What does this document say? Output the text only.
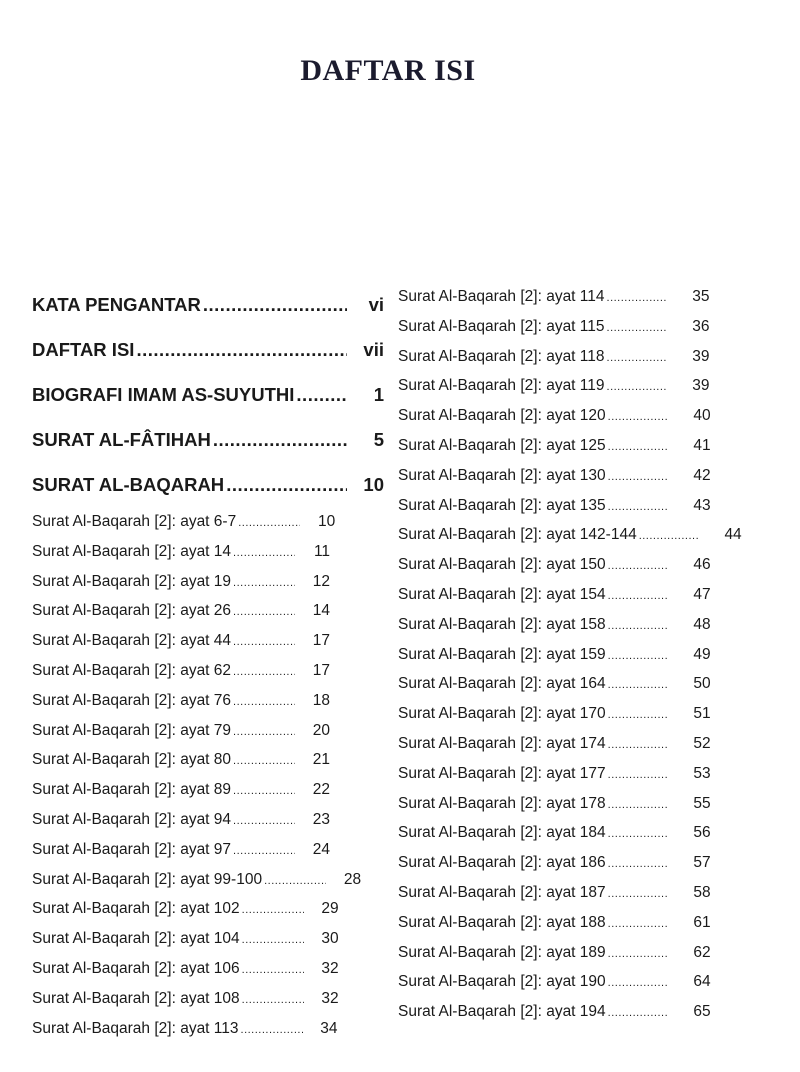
DAFTAR ISI
KATA PENGANTAR .....	vi
DAFTAR ISI .....	vii
BIOGRAFI IMAM AS-SUYUTHI .....	1
SURAT AL-FÂTIHAH .....	5
SURAT AL-BAQARAH .....	10
Surat Al-Baqarah [2]: ayat 6-7 .....	10
Surat Al-Baqarah [2]: ayat 14 .....	11
Surat Al-Baqarah [2]: ayat 19 .....	12
Surat Al-Baqarah [2]: ayat 26 .....	14
Surat Al-Baqarah [2]: ayat 44 .....	17
Surat Al-Baqarah [2]: ayat 62 .....	17
Surat Al-Baqarah [2]: ayat 76 .....	18
Surat Al-Baqarah [2]: ayat 79 .....	20
Surat Al-Baqarah [2]: ayat 80 .....	21
Surat Al-Baqarah [2]: ayat 89 .....	22
Surat Al-Baqarah [2]: ayat 94 .....	23
Surat Al-Baqarah [2]: ayat 97 .....	24
Surat Al-Baqarah [2]: ayat 99-100 .....	28
Surat Al-Baqarah [2]: ayat 102 .....	29
Surat Al-Baqarah [2]: ayat 104 .....	30
Surat Al-Baqarah [2]: ayat 106 .....	32
Surat Al-Baqarah [2]: ayat 108 .....	32
Surat Al-Baqarah [2]: ayat 113 .....	34
Surat Al-Baqarah [2]: ayat 114 .....	35
Surat Al-Baqarah [2]: ayat 115 .....	36
Surat Al-Baqarah [2]: ayat 118 .....	39
Surat Al-Baqarah [2]: ayat 119 .....	39
Surat Al-Baqarah [2]: ayat 120 .....	40
Surat Al-Baqarah [2]: ayat 125 .....	41
Surat Al-Baqarah [2]: ayat 130 .....	42
Surat Al-Baqarah [2]: ayat 135 .....	43
Surat Al-Baqarah [2]: ayat 142-144 .....	44
Surat Al-Baqarah [2]: ayat 150 .....	46
Surat Al-Baqarah [2]: ayat 154 .....	47
Surat Al-Baqarah [2]: ayat 158 .....	48
Surat Al-Baqarah [2]: ayat 159 .....	49
Surat Al-Baqarah [2]: ayat 164 .....	50
Surat Al-Baqarah [2]: ayat 170 .....	51
Surat Al-Baqarah [2]: ayat 174 .....	52
Surat Al-Baqarah [2]: ayat 177 .....	53
Surat Al-Baqarah [2]: ayat 178 .....	55
Surat Al-Baqarah [2]: ayat 184 .....	56
Surat Al-Baqarah [2]: ayat 186 .....	57
Surat Al-Baqarah [2]: ayat 187 .....	58
Surat Al-Baqarah [2]: ayat 188 .....	61
Surat Al-Baqarah [2]: ayat 189 .....	62
Surat Al-Baqarah [2]: ayat 190 .....	64
Surat Al-Baqarah [2]: ayat 194 .....	65
